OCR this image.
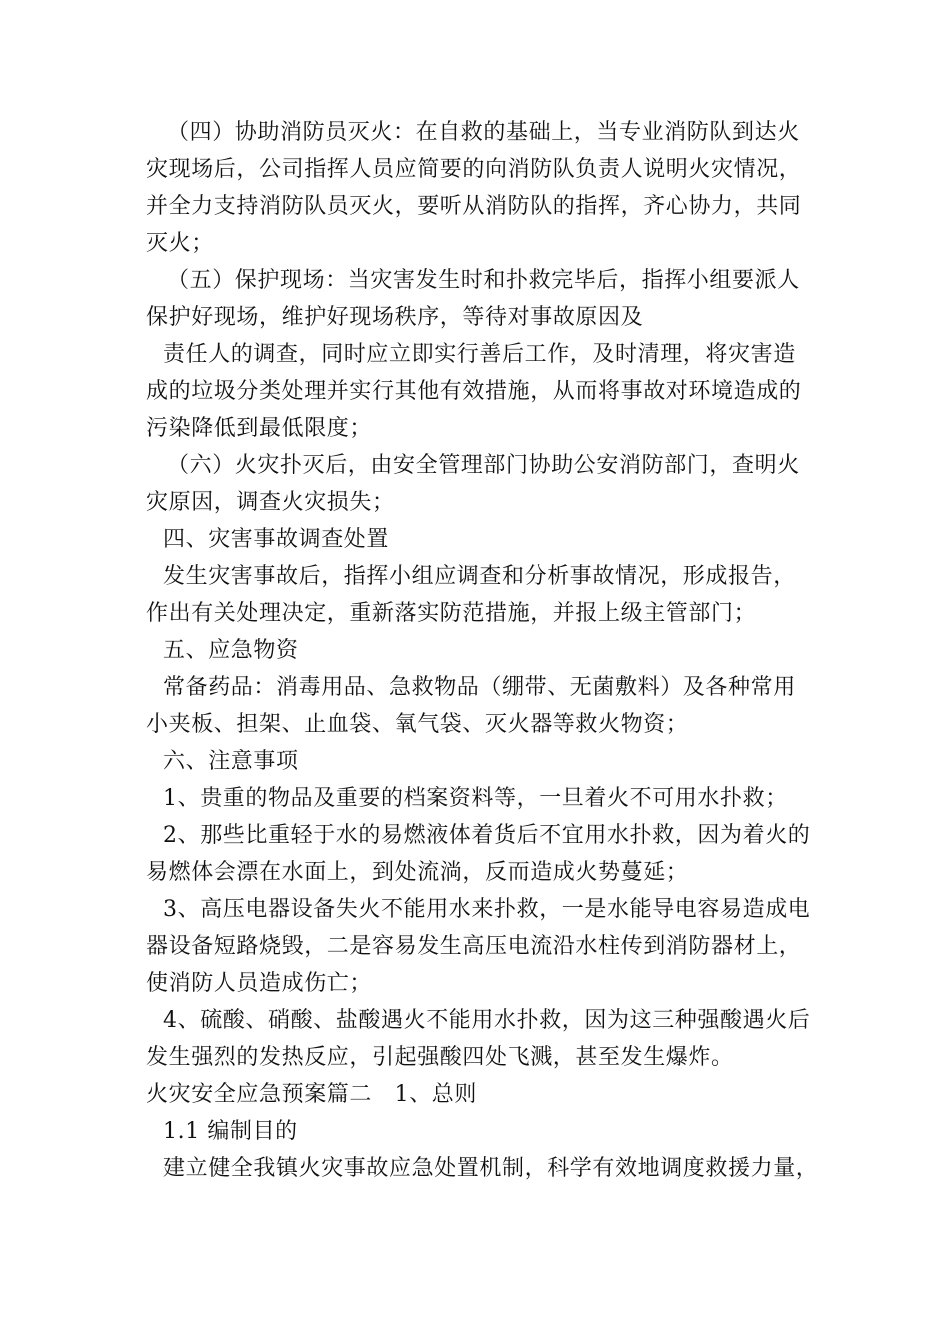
（四）协助消防员灭火：在自救的基础上，当专业消防队到达火
灾现场后，公司指挥人员应简要的向消防队负责人说明火灾情况，
并全力支持消防队员灭火，要听从消防队的指挥，齐心协力，共同
灭火；
（五）保护现场：当灾害发生时和扑救完毕后，指挥小组要派人
保护好现场，维护好现场秩序，等待对事故原因及
责任人的调查，同时应立即实行善后工作，及时清理，将灾害造
成的垃圾分类处理并实行其他有效措施，从而将事故对环境造成的
污染降低到最低限度；
（六）火灾扑灭后，由安全管理部门协助公安消防部门，查明火
灾原因，调查火灾损失；
四、灾害事故调查处置
发生灾害事故后，指挥小组应调查和分析事故情况，形成报告，
作出有关处理决定，重新落实防范措施，并报上级主管部门；
五、应急物资
常备药品：消毒用品、急救物品（绷带、无菌敷料）及各种常用
小夹板、担架、止血袋、氧气袋、灭火器等救火物资；
六、注意事项
1、贵重的物品及重要的档案资料等，一旦着火不可用水扑救；
2、那些比重轻于水的易燃液体着货后不宜用水扑救，因为着火的
易燃体会漂在水面上，到处流淌，反而造成火势蔓延；
3、高压电器设备失火不能用水来扑救，一是水能导电容易造成电
器设备短路烧毁，二是容易发生高压电流沿水柱传到消防器材上，
使消防人员造成伤亡；
4、硫酸、硝酸、盐酸遇火不能用水扑救，因为这三种强酸遇火后
发生强烈的发热反应，引起强酸四处飞溅，甚至发生爆炸。
火灾安全应急预案篇二　1、总则
1.1 编制目的
建立健全我镇火灾事故应急处置机制，科学有效地调度救援力量，
